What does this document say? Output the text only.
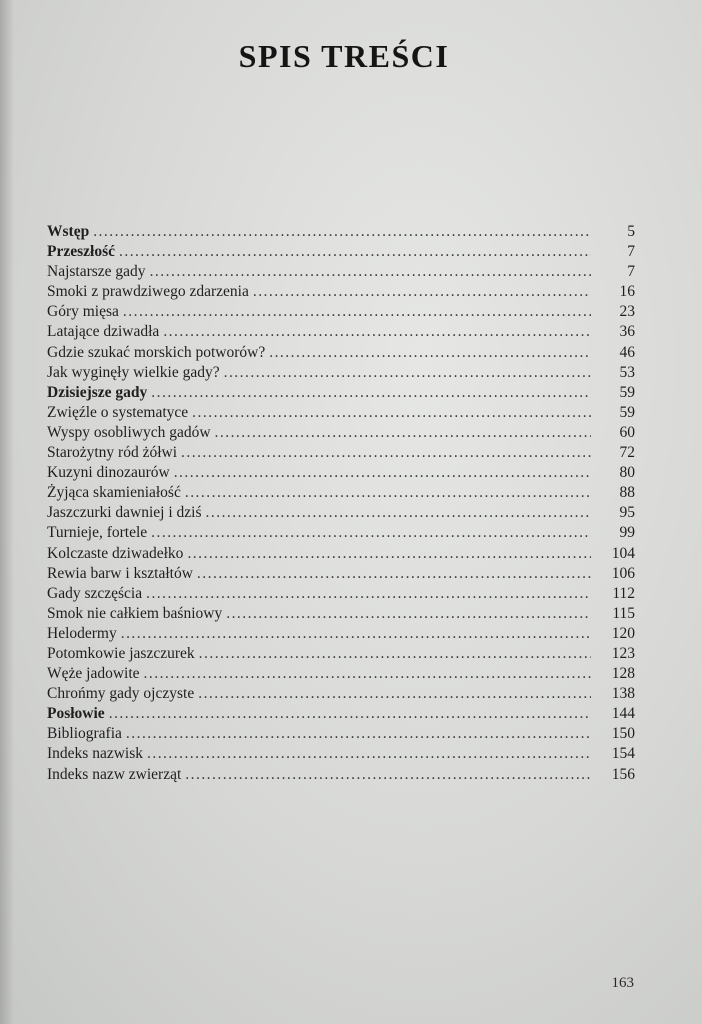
SPIS TREŚCI
Wstęp . . .	5
Przeszłość . . .	7
Najstarsze gady . . .	7
Smoki z prawdziwego zdarzenia . . .	16
Góry mięsa . . .	23
Latające dziwadła . . .	36
Gdzie szukać morskich potworów? . . .	46
Jak wyginęły wielkie gady? . . .	53
Dzisiejsze gady . . .	59
Zwięźle o systematyce . . .	59
Wyspy osobliwych gadów . . .	60
Starożytny ród żółwi . . .	72
Kuzyni dinozaurów . . .	80
Żyjąca skamieniałość . . .	88
Jaszczurki dawniej i dziś . . .	95
Turnieje, fortele . . .	99
Kolczaste dziwadełko . . .	104
Rewia barw i kształtów . . .	106
Gady szczęścia . . .	112
Smok nie całkiem baśniowy . . .	115
Helodermy . . .	120
Potomkowie jaszczurek . . .	123
Węże jadowite . . .	128
Chrońmy gady ojczyste . . .	138
Posłowie . . .	144
Bibliografia . . .	150
Indeks nazwisk . . .	154
Indeks nazw zwierząt . . .	156
163
